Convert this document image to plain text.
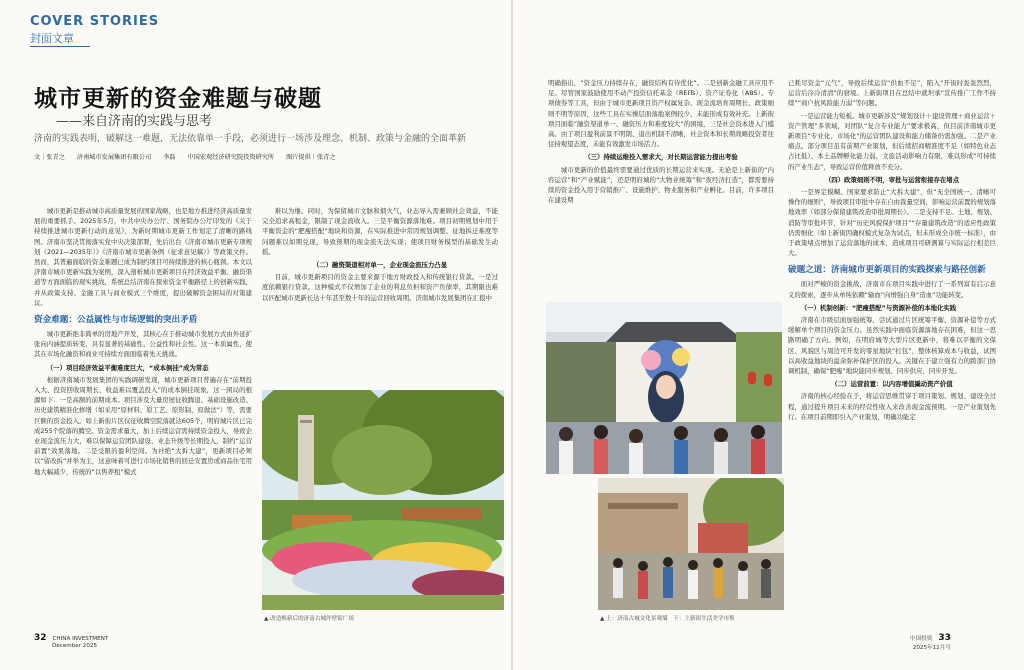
COVER STORIES
封面文章
城市更新的资金难题与破题
——来自济南的实践与思考
济南的实践表明，破解这一难题，无法依靠单一手段，必须进行一场涉及理念、机制、政策与金融的全面革新
文｜张青之 济南城市发展集团有限公司 李磊 中国宏观经济研究院投资研究所 图片提供｜张青之

城市更新是推动城市高质量发展的国家战略，也是地方推进经济高质量发展的重要抓手。2025年5月，中共中央办公厅、国务院办公厅印发的《关于持续推进城市更新行动的意见》，为新时期城市更新工作划定了清晰的路线图。济南市坚决贯彻落实党中央决策部署，先后出台《济南市城市更新专项规划（2021—2035年）》《济南市城市更新条例（征求意见稿）》等政策文件。然而，其普遍面临的资金难题已成为制约项目可持续推进的核心瓶颈。本文以济南市城市更新实践为案例，深入剖析城市更新项目在经济效益平衡、融资渠道等方面面临的现实挑战，系统总结济南在探索资金平衡路径上的创新实践，并从政策支持、金融工具与商业模式三个维度，提出破解资金困局的对策建议。

资金难题：公益属性与市场逻辑的突出矛盾

城市更新绝非简单的房地产开发，其核心在于推动城市发展方式由外延扩张向内涵提质转变，具有显著的基础性、公益性和社会性。这一本质属性，使其在市场化融资和商业可持续方面面临着先天挑战。

（一）项目经济效益平衡难度巨大，“成本倒挂”成为常态

根据济南城市发展集团的实践调研发现，城市更新项目普遍存在“前期投入大、投资回收周期长、收益难以覆盖投入”的成本倒挂现象，这一困局的根源如下：一是高额的前期成本。项目涉及大量房屋征收腾退、基础设施改造、历史建筑精准化修缮（如采用“原材料、原工艺、原形制、原做法”）等，需要巨额的资金投入。如上新街片区仅征收腾空院落就达605个，明府城片区已完成255个院落的腾空。资金需求量大，加上后续运营需持续资金投入，导致企业现金流压力大，难以保障运营团队建设、业态升级等长期投入，制约“运营前置”效果落地。二是受限的盈利空间。为社绝“大拆大建”，更新项目必须以“留改拆”并举为主，这意味着可进行市场化销售的回迁安置房或商品住宅用地大幅减少，传统的“以售养租”模式

难以为继。同时，为保留城市文脉和烟火气，业态导入需兼顾社会效益，不能完全追求高租金，限制了现金流收入。三是平衡资源落地难。项目初期规划中用于平衡资金的“肥瘦搭配”地块和资源，在实际推进中常因规划调整、征地拆迁难度等问题难以如期兑现，导致预期的现金流无法实现；使项目财务模型的基础发生动摇。

（二）融资渠道相对单一，企业现金流压力凸显

目前，城市更新项目的资金主要来源于地方财政投入和传统银行贷款。一是过度依赖银行贷款。这种模式不仅增加了企业的利息负担和资产负债率，其期限也难以匹配城市更新长达十年甚至数十年的运营回收周期。济南城市发展集团在汇报中

▲ 改造焕新后的济南古城泮壁街广场
32 CHINA INVESTMENT
December 2025

明确指出，“资金压力持续存在，融资结构有待优化”。二是创新金融工具应用不足。尽管国家鼓励使用不动产投资信托基金（REITs）、资产证券化（ABS）、专项债券等工具，但由于城市更新项目资产权属复杂、现金流培育周期长、政策细则不明等原因，这些工具在实操层面落地案例较少，未能形成有效补充。上新街项目面临“融资渠道单一、融资压力和难度较大”的困境，三是社会资本进入门槛高。由于项目盈利前景不明朗、退出机制不清晰，社会资本和长期战略投资者往往持观望态度，未能有效激发市场活力。

（三）持续运维投入需求大，对长期运营能力提出考验

城市更新的价值最终需要通过优质的长期运营来实现。无论是上新街的“内容运营”和“产业赋能”，还是明府城的“大物业统筹”和“夜经济打造”，都需要持续的资金投入用于营销推广、设施维护、物业服务和产业孵化。目前，许多项目在建设期

▲ 上：济南古城文化景观墙　下：上新街生活美学市集

已耗尽资金“元气”，导致后续运营“供血不足”，陷入“开街时轰轰烈烈，运营后冷冷清清”的窘境。上新街项目在总结中就坦承“宣传推广工作不持续”“商户抗风险能力弱”等问题。

一是运营能力短板。城市更新涉及“规划设计＋建设管理＋商业运营＋资产管理”多领域，对团队“复合专业能力”要求极高，但目前济南城市更新项目“专业化、市场化”的运营团队建设和能力储备仍需加强。二是产业痛点。部分项目虽有前期产业策划，但后续招商精准度不足（如特色业态占比低）、本土品牌孵化能力弱、文旅活动影响力有限，难以形成“可持续的产业生态”，导致运营价值释放不充分。

（四）政策细则不明，审批与运营衔接存在堵点

一是界定模糊。国家要求防止“大拆大建”，但“无全国统一、清晰可操作的细则”，导致项目审批中存在自由裁量空间，影响运营前置的规划落地效率（如部分保留建筑改造审批周期长）。二是支持不足。土地、规划、消防等审批环节，针对“历史风貌保护项目”“存量建筑改造”的适应性政策仍需细化（如上新街因确权模式复杂为试点，但未形成全市统一标准），由于政策堵点增加了运营落地的成本，造成项目可研测算与实际运行相差巨大。

破题之道：济南城市更新项目的实践探索与路径创新

面对严峻的资金挑战，济南市在项目实践中进行了一系列富有启示意义的探索，逐步从单纯依赖“输血”向增强自身“造血”功能转变。

（一）机制创新：“肥瘦搭配”与资源补偿的本地化实践

济南在市级层面加强统筹，尝试通过片区统筹平衡、资源补偿等方式缓解单个项目的资金压力。虽然实践中面临资源落地存在困难，但这一思路明确了方向。例如，在明府城等大型片区更新中，将难以平衡的文保区、风貌区与周边可开发的零星地块“打包”，整体核算成本与收益，试图以高收益地块的溢余弥补保护区的投入。关键在于建立强有力的跨部门协调机制，确保“肥瘦”地块能同步规划、同步供应、同步开发。

（二）运营前置：以内容增值撬动资产价值

济南的核心经验在于，将运营思维贯穿于项目策划、规划、建设全过程，通过提升项目未来的经营性收入来改善现金流预期。一是产业策划先行。在项目前期即引入产业策划，明确功能定

中国投资 33
2025年12月号
